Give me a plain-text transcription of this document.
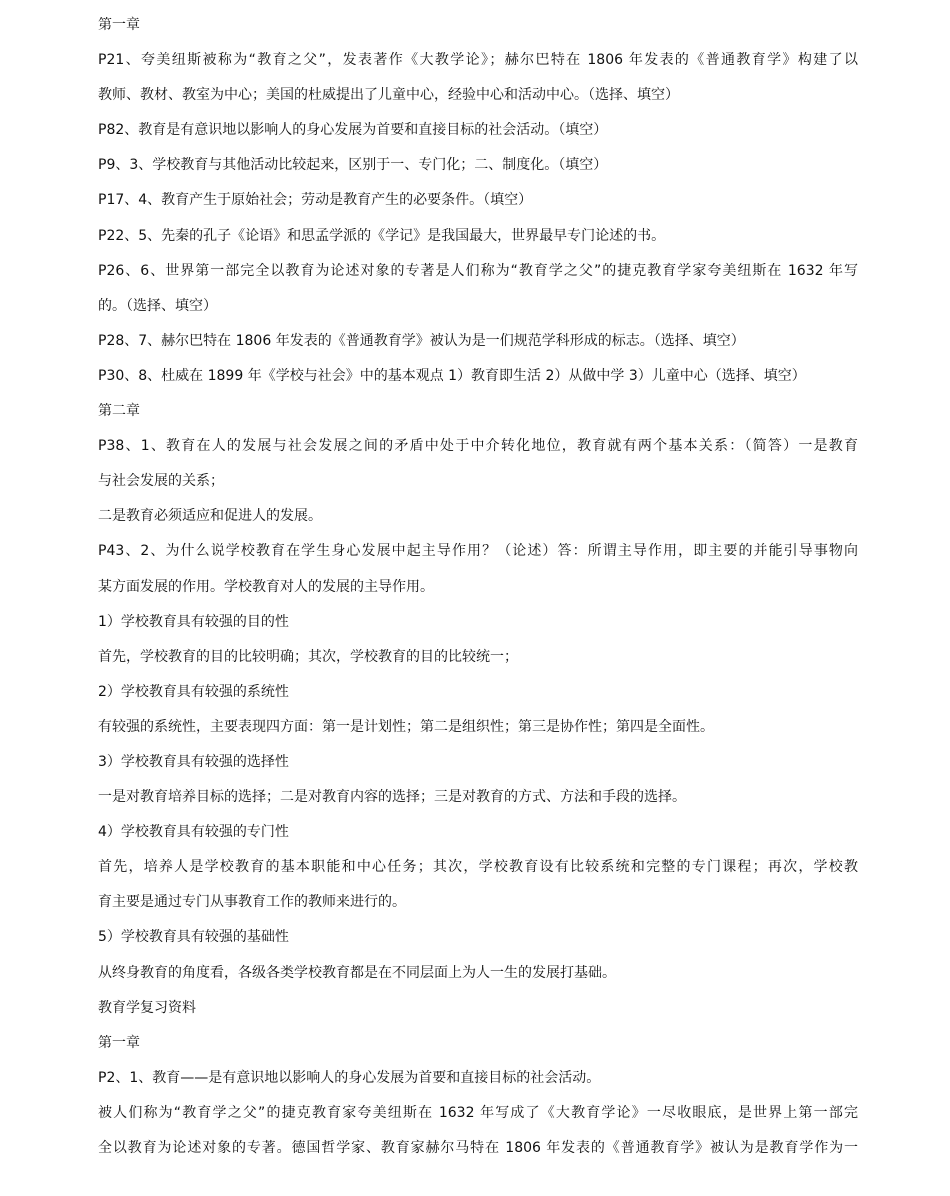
第一章
P21、夸美纽斯被称为“教育之父”，发表著作《大教学论》；赫尔巴特在 1806 年发表的《普通教育学》构建了以
教师、教材、教室为中心；美国的杜威提出了儿童中心，经验中心和活动中心。（选择、填空）
P82、教育是有意识地以影响人的身心发展为首要和直接目标的社会活动。（填空）
P9、3、学校教育与其他活动比较起来，区别于一、专门化；二、制度化。（填空）
P17、4、教育产生于原始社会；劳动是教育产生的必要条件。（填空）
P22、5、先秦的孔子《论语》和思孟学派的《学记》是我国最大，世界最早专门论述的书。
P26、6、世界第一部完全以教育为论述对象的专著是人们称为“教育学之父”的捷克教育学家夸美纽斯在 1632 年写
的。（选择、填空）
P28、7、赫尔巴特在 1806 年发表的《普通教育学》被认为是一们规范学科形成的标志。（选择、填空）
P30、8、杜威在 1899 年《学校与社会》中的基本观点 1）教育即生活 2）从做中学 3）儿童中心（选择、填空）
第二章
P38、1、教育在人的发展与社会发展之间的矛盾中处于中介转化地位，教育就有两个基本关系：（简答）一是教育
与社会发展的关系；
二是教育必须适应和促进人的发展。
P43、2、为什么说学校教育在学生身心发展中起主导作用？（论述）答：所谓主导作用，即主要的并能引导事物向
某方面发展的作用。学校教育对人的发展的主导作用。
1）学校教育具有较强的目的性
首先，学校教育的目的比较明确；其次，学校教育的目的比较统一；
2）学校教育具有较强的系统性
有较强的系统性，主要表现四方面：第一是计划性；第二是组织性；第三是协作性；第四是全面性。
3）学校教育具有较强的选择性
一是对教育培养目标的选择；二是对教育内容的选择；三是对教育的方式、方法和手段的选择。
4）学校教育具有较强的专门性
首先，培养人是学校教育的基本职能和中心任务；其次，学校教育设有比较系统和完整的专门课程；再次，学校教
育主要是通过专门从事教育工作的教师来进行的。
5）学校教育具有较强的基础性
从终身教育的角度看，各级各类学校教育都是在不同层面上为人一生的发展打基础。
教育学复习资料
第一章
P2、1、教育——是有意识地以影响人的身心发展为首要和直接目标的社会活动。
被人们称为“教育学之父”的捷克教育家夸美纽斯在 1632 年写成了《大教育学论》一尽收眼底，是世界上第一部完
全以教育为论述对象的专著。德国哲学家、教育家赫尔马特在 1806 年发表的《普通教育学》被认为是教育学作为一
